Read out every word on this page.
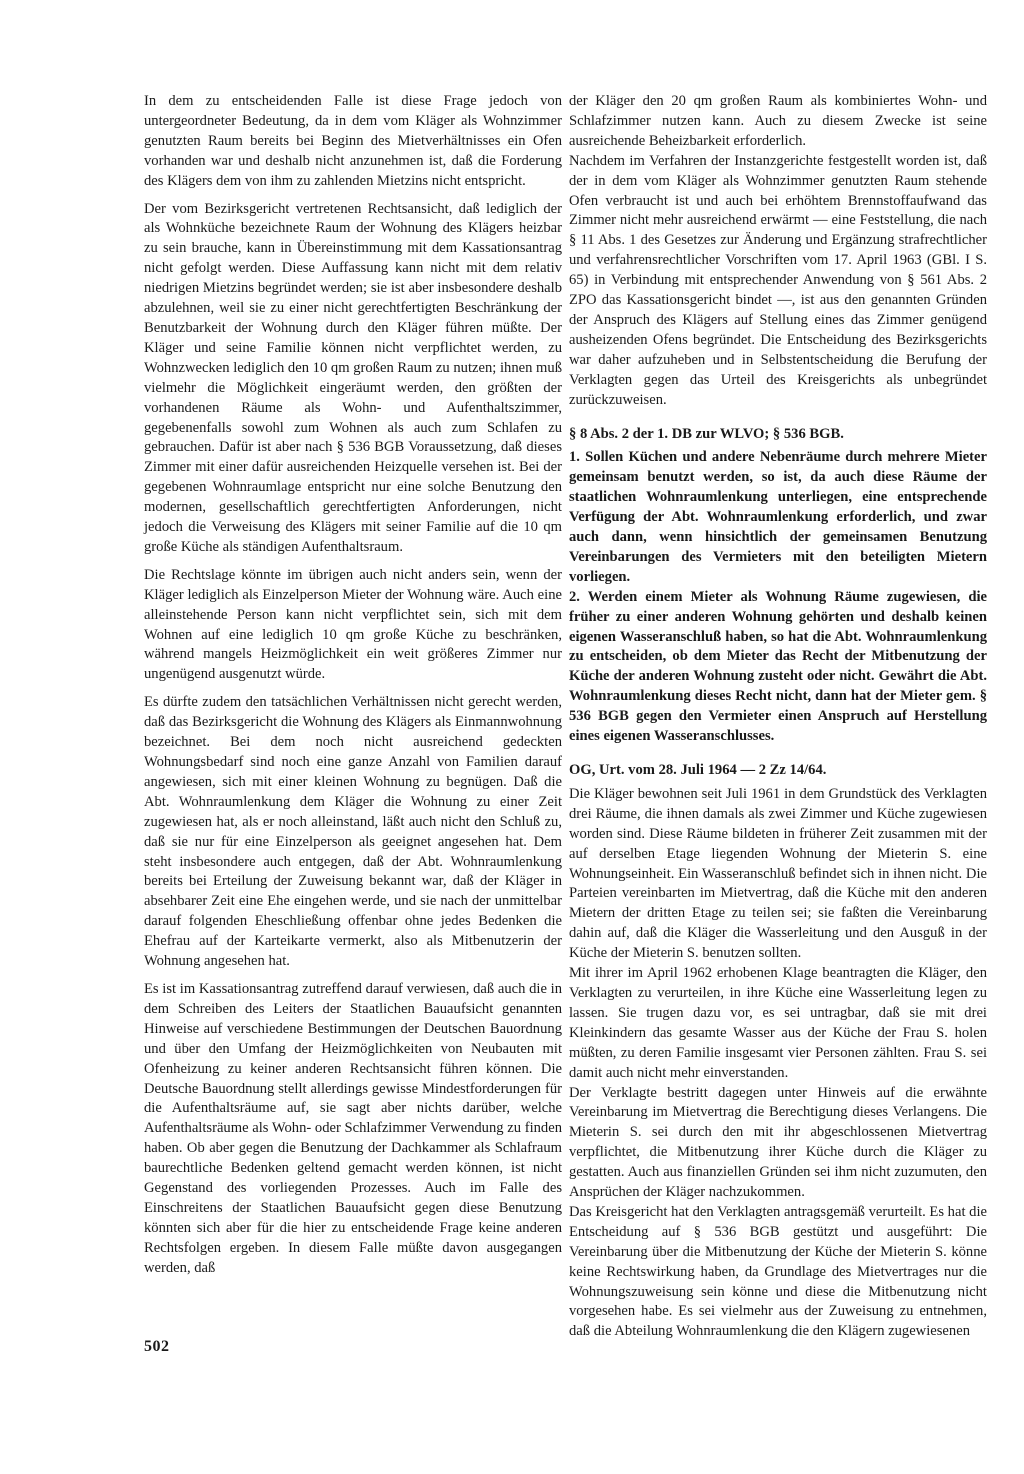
In dem zu entscheidenden Falle ist diese Frage jedoch von untergeordneter Bedeutung, da in dem vom Kläger als Wohnzimmer genutzten Raum bereits bei Beginn des Mietverhältnisses ein Ofen vorhanden war und deshalb nicht anzunehmen ist, daß die Forderung des Klägers dem von ihm zu zahlenden Mietzins nicht entspricht.

Der vom Bezirksgericht vertretenen Rechtsansicht, daß lediglich der als Wohnküche bezeichnete Raum der Wohnung des Klägers heizbar zu sein brauche, kann in Übereinstimmung mit dem Kassationsantrag nicht gefolgt werden. Diese Auffassung kann nicht mit dem relativ niedrigen Mietzins begründet werden; sie ist aber insbesondere deshalb abzulehnen, weil sie zu einer nicht gerechtfertigten Beschränkung der Benutzbarkeit der Wohnung durch den Kläger führen müßte. Der Kläger und seine Familie können nicht verpflichtet werden, zu Wohnzwecken lediglich den 10 qm großen Raum zu nutzen; ihnen muß vielmehr die Möglichkeit eingeräumt werden, den größten der vorhandenen Räume als Wohn- und Aufenthaltszimmer, gegebenenfalls sowohl zum Wohnen als auch zum Schlafen zu gebrauchen. Dafür ist aber nach § 536 BGB Voraussetzung, daß dieses Zimmer mit einer dafür ausreichenden Heizquelle versehen ist. Bei der gegebenen Wohnraumlage entspricht nur eine solche Benutzung den modernen, gesellschaftlich gerechtfertigten Anforderungen, nicht jedoch die Verweisung des Klägers mit seiner Familie auf die 10 qm große Küche als ständigen Aufenthaltsraum.

Die Rechtslage könnte im übrigen auch nicht anders sein, wenn der Kläger lediglich als Einzelperson Mieter der Wohnung wäre. Auch eine alleinstehende Person kann nicht verpflichtet sein, sich mit dem Wohnen auf eine lediglich 10 qm große Küche zu beschränken, während mangels Heizmöglichkeit ein weit größeres Zimmer nur ungenügend ausgenutzt würde.

Es dürfte zudem den tatsächlichen Verhältnissen nicht gerecht werden, daß das Bezirksgericht die Wohnung des Klägers als Einmannwohnung bezeichnet. Bei dem noch nicht ausreichend gedeckten Wohnungsbedarf sind noch eine ganze Anzahl von Familien darauf angewiesen, sich mit einer kleinen Wohnung zu begnügen. Daß die Abt. Wohnraumlenkung dem Kläger die Wohnung zu einer Zeit zugewiesen hat, als er noch alleinstand, läßt auch nicht den Schluß zu, daß sie nur für eine Einzelperson als geeignet angesehen hat. Dem steht insbesondere auch entgegen, daß der Abt. Wohnraumlenkung bereits bei Erteilung der Zuweisung bekannt war, daß der Kläger in absehbarer Zeit eine Ehe eingehen werde, und sie nach der unmittelbar darauf folgenden Eheschließung offenbar ohne jedes Bedenken die Ehefrau auf der Karteikarte vermerkt, also als Mitbenutzerin der Wohnung angesehen hat.

Es ist im Kassationsantrag zutreffend darauf verwiesen, daß auch die in dem Schreiben des Leiters der Staatlichen Bauaufsicht genannten Hinweise auf verschiedene Bestimmungen der Deutschen Bauordnung und über den Umfang der Heizmöglichkeiten von Neubauten mit Ofenheizung zu keiner anderen Rechtsansicht führen können. Die Deutsche Bauordnung stellt allerdings gewisse Mindestforderungen für die Aufenthaltsräume auf, sie sagt aber nichts darüber, welche Aufenthaltsräume als Wohn- oder Schlafzimmer Verwendung zu finden haben. Ob aber gegen die Benutzung der Dachkammer als Schlafraum baurechtliche Bedenken geltend gemacht werden können, ist nicht Gegenstand des vorliegenden Prozesses. Auch im Falle des Einschreitens der Staatlichen Bauaufsicht gegen diese Benutzung könnten sich aber für die hier zu entscheidende Frage keine anderen Rechtsfolgen ergeben. In diesem Falle müßte davon ausgegangen werden, daß

der Kläger den 20 qm großen Raum als kombiniertes Wohn- und Schlafzimmer nutzen kann. Auch zu diesem Zwecke ist seine ausreichende Beheizbarkeit erforderlich.

Nachdem im Verfahren der Instanzgerichte festgestellt worden ist, daß der in dem vom Kläger als Wohnzimmer genutzten Raum stehende Ofen verbraucht ist und auch bei erhöhtem Brennstoffaufwand das Zimmer nicht mehr ausreichend erwärmt — eine Feststellung, die nach § 11 Abs. 1 des Gesetzes zur Änderung und Ergänzung strafrechtlicher und verfahrensrechtlicher Vorschriften vom 17. April 1963 (GBl. I S. 65) in Verbindung mit entsprechender Anwendung von § 561 Abs. 2 ZPO das Kassationsgericht bindet —, ist aus den genannten Gründen der Anspruch des Klägers auf Stellung eines das Zimmer genügend ausheizenden Ofens begründet. Die Entscheidung des Bezirksgerichts war daher aufzuheben und in Selbstentscheidung die Berufung der Verklagten gegen das Urteil des Kreisgerichts als unbegründet zurückzuweisen.

§ 8 Abs. 2 der 1. DB zur WLVO; § 536 BGB.

1. Sollen Küchen und andere Nebenräume durch mehrere Mieter gemeinsam benutzt werden, so ist, da auch diese Räume der staatlichen Wohnraumlenkung unterliegen, eine entsprechende Verfügung der Abt. Wohnraumlenkung erforderlich, und zwar auch dann, wenn hinsichtlich der gemeinsamen Benutzung Vereinbarungen des Vermieters mit den beteiligten Mietern vorliegen.

2. Werden einem Mieter als Wohnung Räume zugewiesen, die früher zu einer anderen Wohnung gehörten und deshalb keinen eigenen Wasseranschluß haben, so hat die Abt. Wohnraumlenkung zu entscheiden, ob dem Mieter das Recht der Mitbenutzung der Küche der anderen Wohnung zusteht oder nicht. Gewährt die Abt. Wohnraumlenkung dieses Recht nicht, dann hat der Mieter gem. § 536 BGB gegen den Vermieter einen Anspruch auf Herstellung eines eigenen Wasseranschlusses.

OG, Urt. vom 28. Juli 1964 — 2 Zz 14/64.

Die Kläger bewohnen seit Juli 1961 in dem Grundstück des Verklagten drei Räume, die ihnen damals als zwei Zimmer und Küche zugewiesen worden sind. Diese Räume bildeten in früherer Zeit zusammen mit der auf derselben Etage liegenden Wohnung der Mieterin S. eine Wohnungseinheit. Ein Wasseranschluß befindet sich in ihnen nicht. Die Parteien vereinbarten im Mietvertrag, daß die Küche mit den anderen Mietern der dritten Etage zu teilen sei; sie faßten die Vereinbarung dahin auf, daß die Kläger die Wasserleitung und den Ausguß in der Küche der Mieterin S. benutzen sollten.

Mit ihrer im April 1962 erhobenen Klage beantragten die Kläger, den Verklagten zu verurteilen, in ihre Küche eine Wasserleitung legen zu lassen. Sie trugen dazu vor, es sei untragbar, daß sie mit drei Kleinkindern das gesamte Wasser aus der Küche der Frau S. holen müßten, zu deren Familie insgesamt vier Personen zählten. Frau S. sei damit auch nicht mehr einverstanden.

Der Verklagte bestritt dagegen unter Hinweis auf die erwähnte Vereinbarung im Mietvertrag die Berechtigung dieses Verlangens. Die Mieterin S. sei durch den mit ihr abgeschlossenen Mietvertrag verpflichtet, die Mitbenutzung ihrer Küche durch die Kläger zu gestatten. Auch aus finanziellen Gründen sei ihm nicht zuzumuten, den Ansprüchen der Kläger nachzukommen.

Das Kreisgericht hat den Verklagten antragsgemäß verurteilt. Es hat die Entscheidung auf § 536 BGB gestützt und ausgeführt: Die Vereinbarung über die Mitbenutzung der Küche der Mieterin S. könne keine Rechtswirkung haben, da Grundlage des Mietvertrages nur die Wohnungszuweisung sein könne und diese die Mitbenutzung nicht vorgesehen habe. Es sei vielmehr aus der Zuweisung zu entnehmen, daß die Abteilung Wohnraumlenkung die den Klägern zugewiesenen

502
